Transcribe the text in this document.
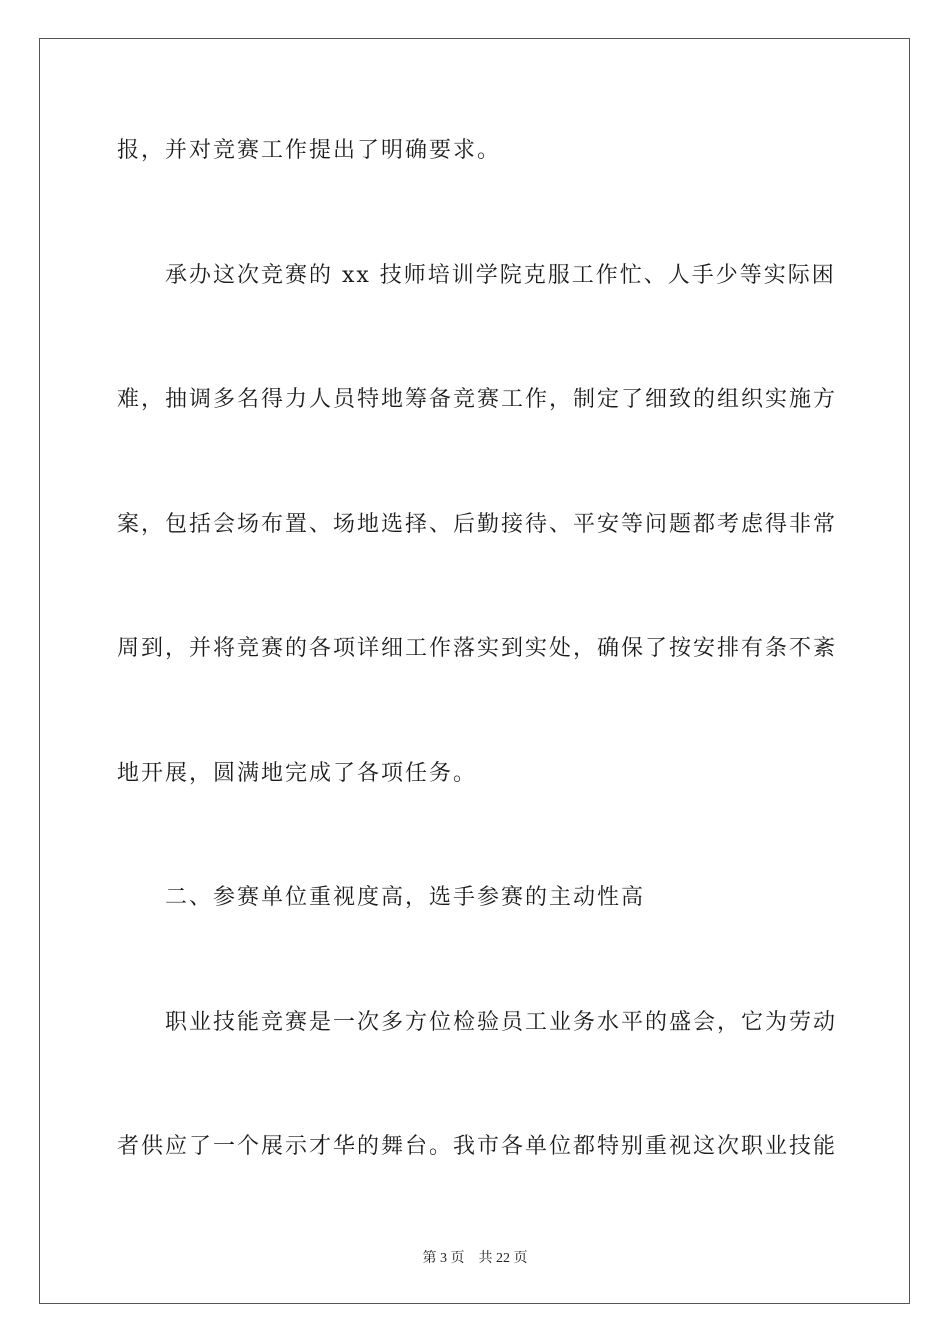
报，并对竞赛工作提出了明确要求。
承办这次竞赛的 xx 技师培训学院克服工作忙、人手少等实际困
难，抽调多名得力人员特地筹备竞赛工作，制定了细致的组织实施方
案，包括会场布置、场地选择、后勤接待、平安等问题都考虑得非常
周到，并将竞赛的各项详细工作落实到实处，确保了按安排有条不紊
地开展，圆满地完成了各项任务。
二、参赛单位重视度高，选手参赛的主动性高
职业技能竞赛是一次多方位检验员工业务水平的盛会，它为劳动
者供应了一个展示才华的舞台。我市各单位都特别重视这次职业技能
第 3 页    共 22 页
